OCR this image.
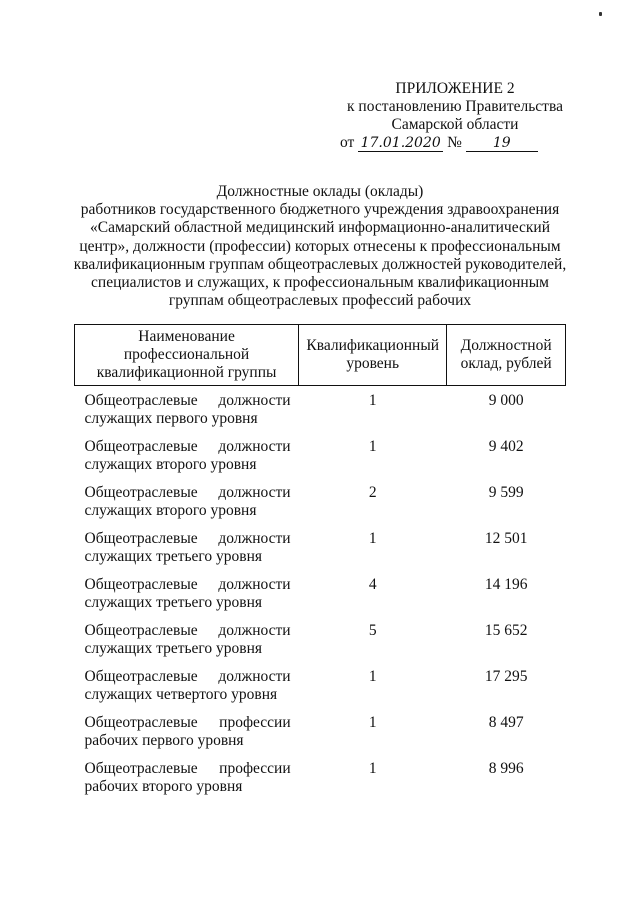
ПРИЛОЖЕНИЕ 2
к постановлению Правительства
Самарской области
от 17.01.2020 № 19
Должностные оклады (оклады)
работников государственного бюджетного учреждения здравоохранения
«Самарский областной медицинский информационно-аналитический
центр», должности (профессии) которых отнесены к профессиональным
квалификационным группам общеотраслевых должностей руководителей,
специалистов и служащих, к профессиональным квалификационным
группам общеотраслевых профессий рабочих
Наименование профессиональной квалификационной группы	Квалификационный уровень	Должностной оклад, рублей
Общеотраслевые должности служащих первого уровня	1	9 000
Общеотраслевые должности служащих второго уровня	1	9 402
Общеотраслевые должности служащих второго уровня	2	9 599
Общеотраслевые должности служащих третьего уровня	1	12 501
Общеотраслевые должности служащих третьего уровня	4	14 196
Общеотраслевые должности служащих третьего уровня	5	15 652
Общеотраслевые должности служащих четвертого уровня	1	17 295
Общеотраслевые профессии рабочих первого уровня	1	8 497
Общеотраслевые профессии рабочих второго уровня	1	8 996
